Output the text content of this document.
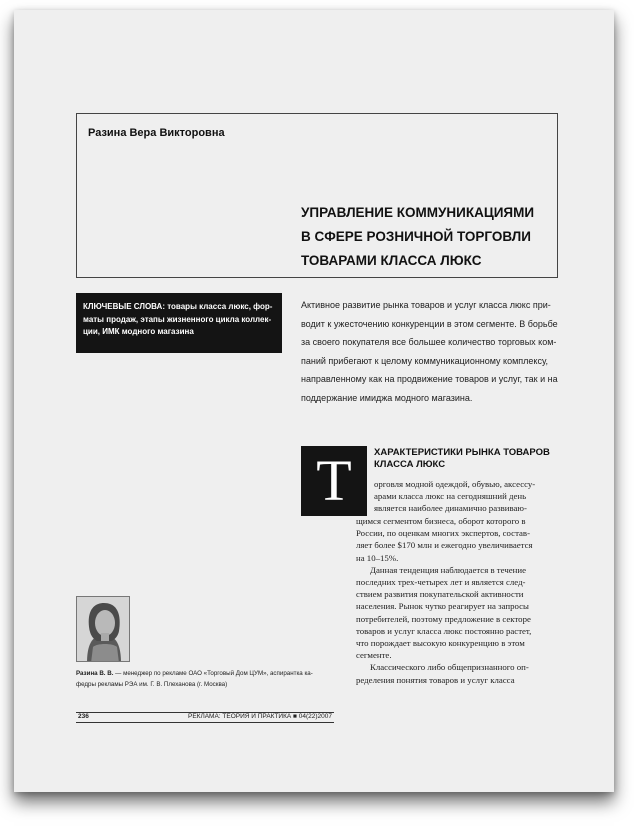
Разина Вера Викторовна
УПРАВЛЕНИЕ КОММУНИКАЦИЯМИ
В СФЕРЕ РОЗНИЧНОЙ ТОРГОВЛИ
ТОВАРАМИ КЛАССА ЛЮКС
КЛЮЧЕВЫЕ СЛОВА: товары класса люкс, фор-
маты продаж, этапы жизненного цикла коллек-
ции, ИМК модного магазина
Активное развитие рынка товаров и услуг класса люкс при-
водит к ужесточению конкуренции в этом сегменте. В борьбе
за своего покупателя все большее количество торговых ком-
паний прибегают к целому коммуникационному комплексу,
направленному как на продвижение товаров и услуг, так и на
поддержание имиджа модного магазина.
Т	ХАРАКТЕРИСТИКИ РЫНКА ТОВАРОВ
КЛАССА ЛЮКС
орговля модной одеждой, обувью, аксессу-
арами класса люкс на сегодняшний день
является наиболее динамично развиваю-
щимся сегментом бизнеса, оборот которого в
России, по оценкам многих экспертов, состав-
ляет более $170 млн и ежегодно увеличивается
на 10–15%.
Данная тенденция наблюдается в течение
последних трех-четырех лет и является след-
ствием развития покупательской активности
населения. Рынок чутко реагирует на запросы
потребителей, поэтому предложение в секторе
товаров и услуг класса люкс постоянно растет,
что порождает высокую конкуренцию в этом
сегменте.
Классического либо общепризнанного оп-
ределения понятия товаров и услуг класса
Разина В. В. — менеджер по рекламе ОАО «Торговый Дом ЦУМ», аспирантка ка-
федры рекламы РЭА им. Г. В. Плеханова (г. Москва)
236	РЕКЛАМА: ТЕОРИЯ И ПРАКТИКА ■ 04(22)2007
